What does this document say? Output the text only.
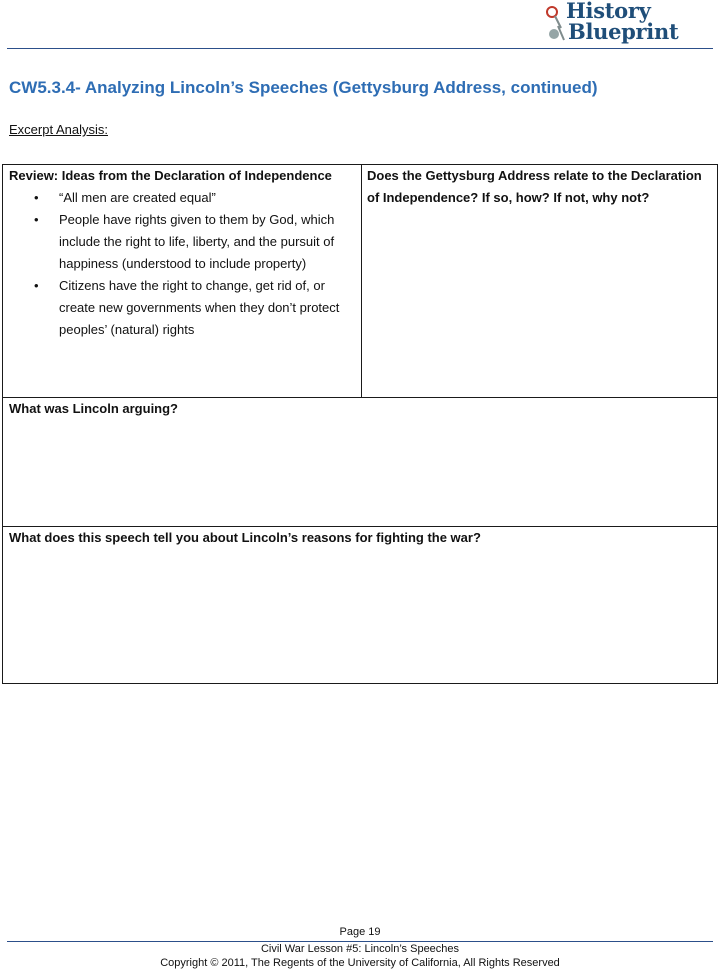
History
Blueprint
CW5.3.4- Analyzing Lincoln’s Speeches (Gettysburg Address, continued)

Excerpt Analysis:

Review: Ideas from the Declaration of Independence

• “All men are created equal”
• People have rights given to them by God, which include the right to life, liberty, and the pursuit of happiness (understood to include property)
• Citizens have the right to change, get rid of, or create new governments when they don’t protect peoples’ (natural) rights

Does the Gettysburg Address relate to the Declaration of Independence? If so, how? If not, why not?

What was Lincoln arguing?

What does this speech tell you about Lincoln’s reasons for fighting the war?

Page 19
Civil War Lesson #5: Lincoln’s Speeches
Copyright © 2011, The Regents of the University of California, All Rights Reserved
